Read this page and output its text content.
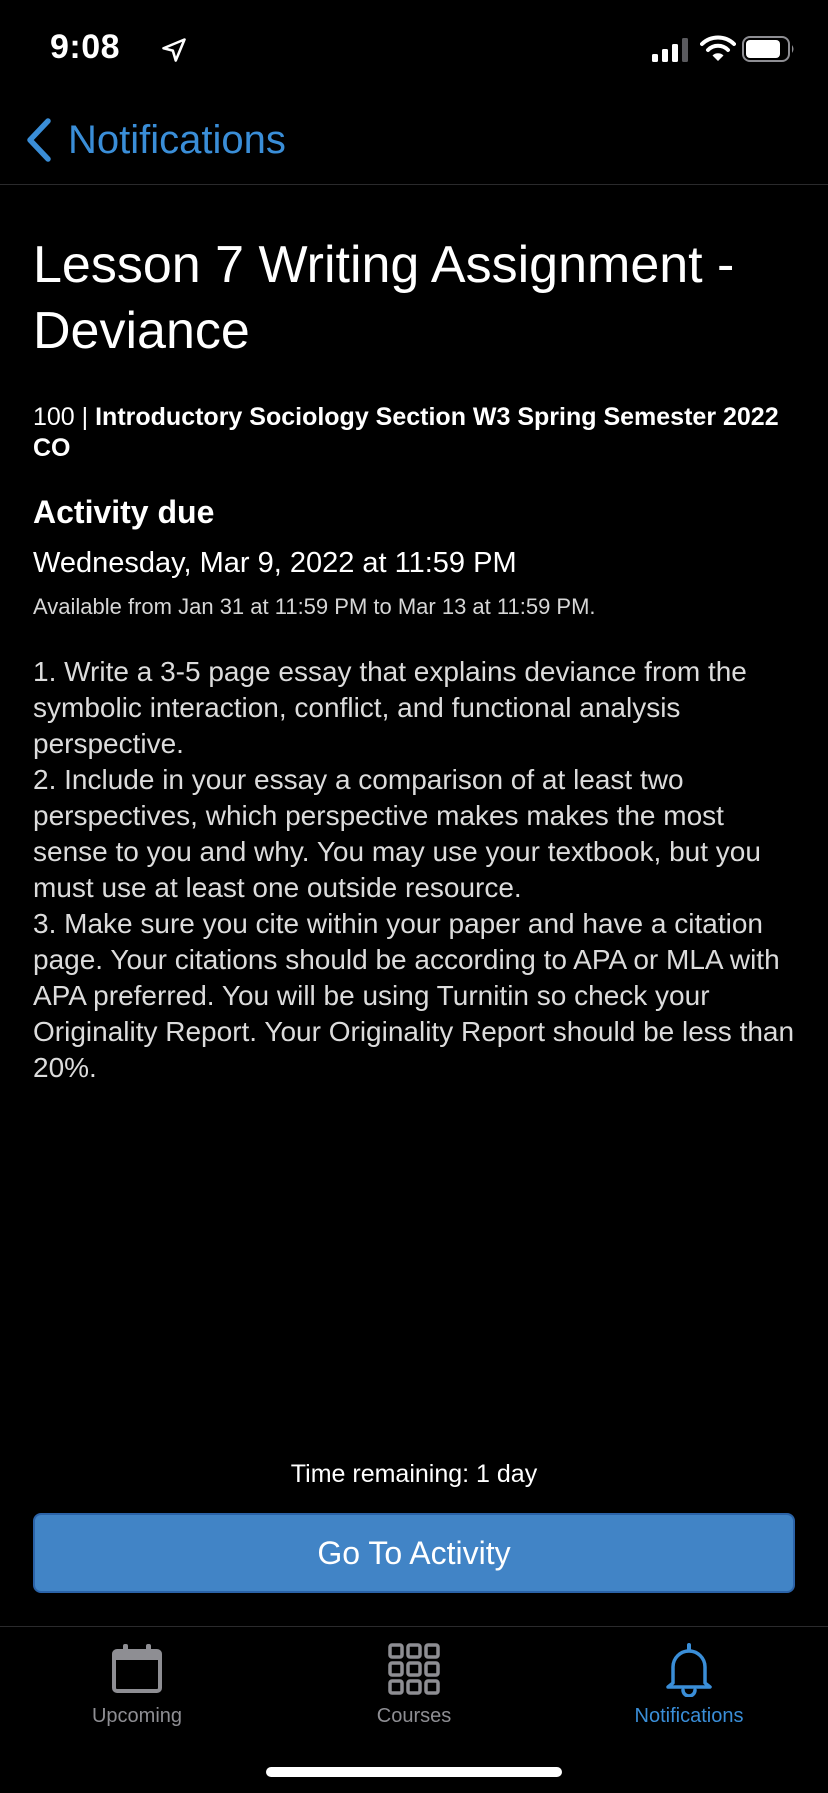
9:08
Notifications
Lesson 7 Writing Assignment - Deviance
100 | Introductory Sociology Section W3 Spring Semester 2022 CO
Activity due
Wednesday, Mar 9, 2022 at 11:59 PM
Available from Jan 31 at 11:59 PM to Mar 13 at 11:59 PM.
1. Write a 3-5 page essay that explains deviance from the symbolic interaction, conflict, and functional analysis perspective.
2. Include in your essay a comparison of at least two perspectives, which perspective makes makes the most sense to you and why. You may use your textbook, but you must use at least one outside resource.
3. Make sure you cite within your paper and have a citation page. Your citations should be according to APA or MLA with APA preferred. You will be using Turnitin so check your Originality Report. Your Originality Report should be less than 20%.
Time remaining: 1 day
Go To Activity
Upcoming	Courses	Notifications
